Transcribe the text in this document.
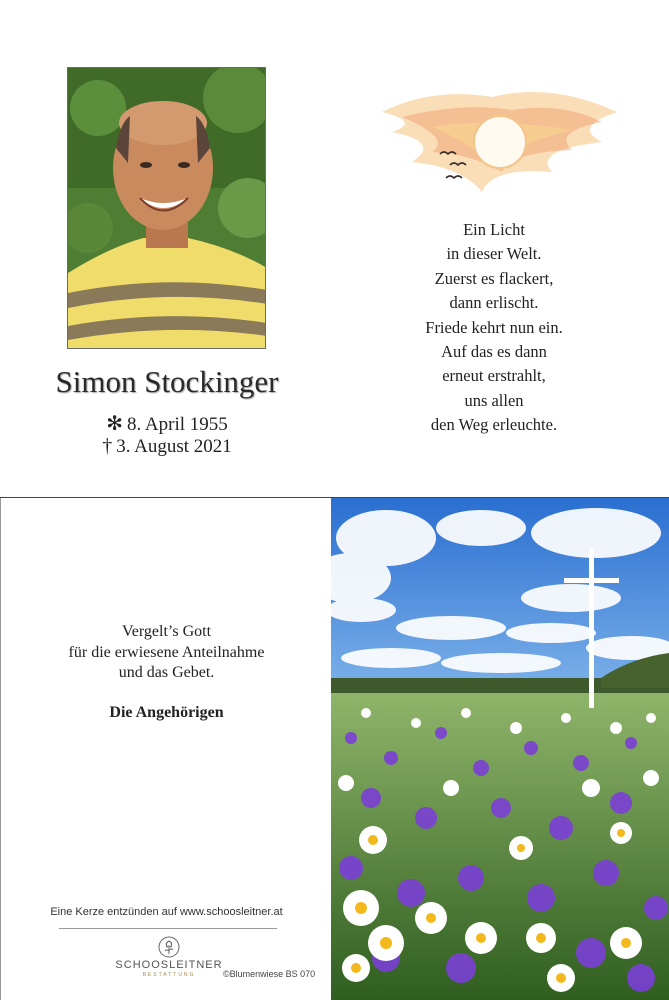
Simon Stockinger
✻ 8. April 1955
† 3. August 2021
Ein Licht
in dieser Welt.
Zuerst es flackert,
dann erlischt.
Friede kehrt nun ein.
Auf das es dann
erneut erstrahlt,
uns allen
den Weg erleuchte.
Vergelt’s Gott
für die erwiesene Anteilnahme
und das Gebet.
Die Angehörigen
Eine Kerze entzünden auf www.schoosleitner.at
SCHOOSLEITNER
BESTATTUNG	©Blumenwiese BS 070
